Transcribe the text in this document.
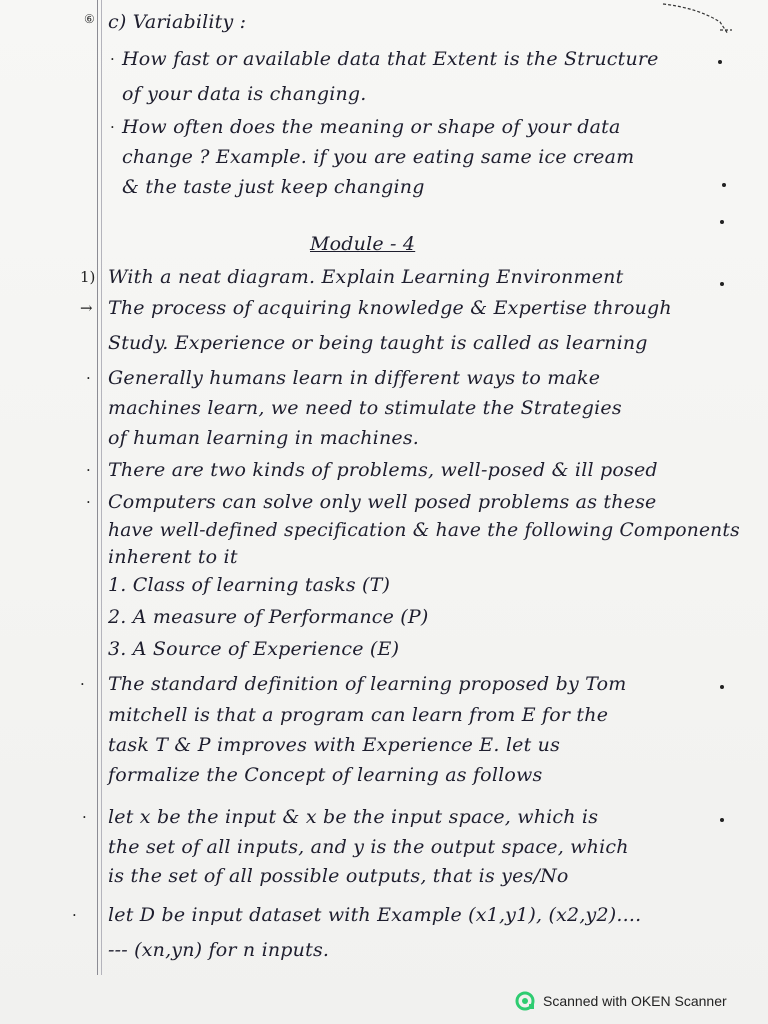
⑥ c) Variability :
· How fast or available data that Extent is the Structure
of your data is changing.
· How often does the meaning or shape of your data
change ? Example. if you are eating same ice cream
& the taste just keep changing
Module - 4
1) With a neat diagram. Explain Learning Environment
→ The process of acquiring knowledge & Expertise through
Study. Experience or being taught is called as learning
· Generally humans learn in different ways to make
machines learn, we need to stimulate the Strategies
of human learning in machines.
· There are two kinds of problems, well-posed & ill posed
· Computers can solve only well posed problems as these
have well-defined specification & have the following Components
inherent to it
1. Class of learning tasks (T)
2. A measure of Performance (P)
3. A Source of Experience (E)
· The standard definition of learning proposed by Tom
mitchell is that a program can learn from E for the
task T & P improves with Experience E. let us
formalize the Concept of learning as follows
· let x be the input & x be the input space, which is
the set of all inputs, and y is the output space, which
is the set of all possible outputs, that is yes/No
· let D be input dataset with Example (x1,y1), (x2,y2)....
--- (xn,yn) for n inputs.
Scanned with OKEN Scanner
